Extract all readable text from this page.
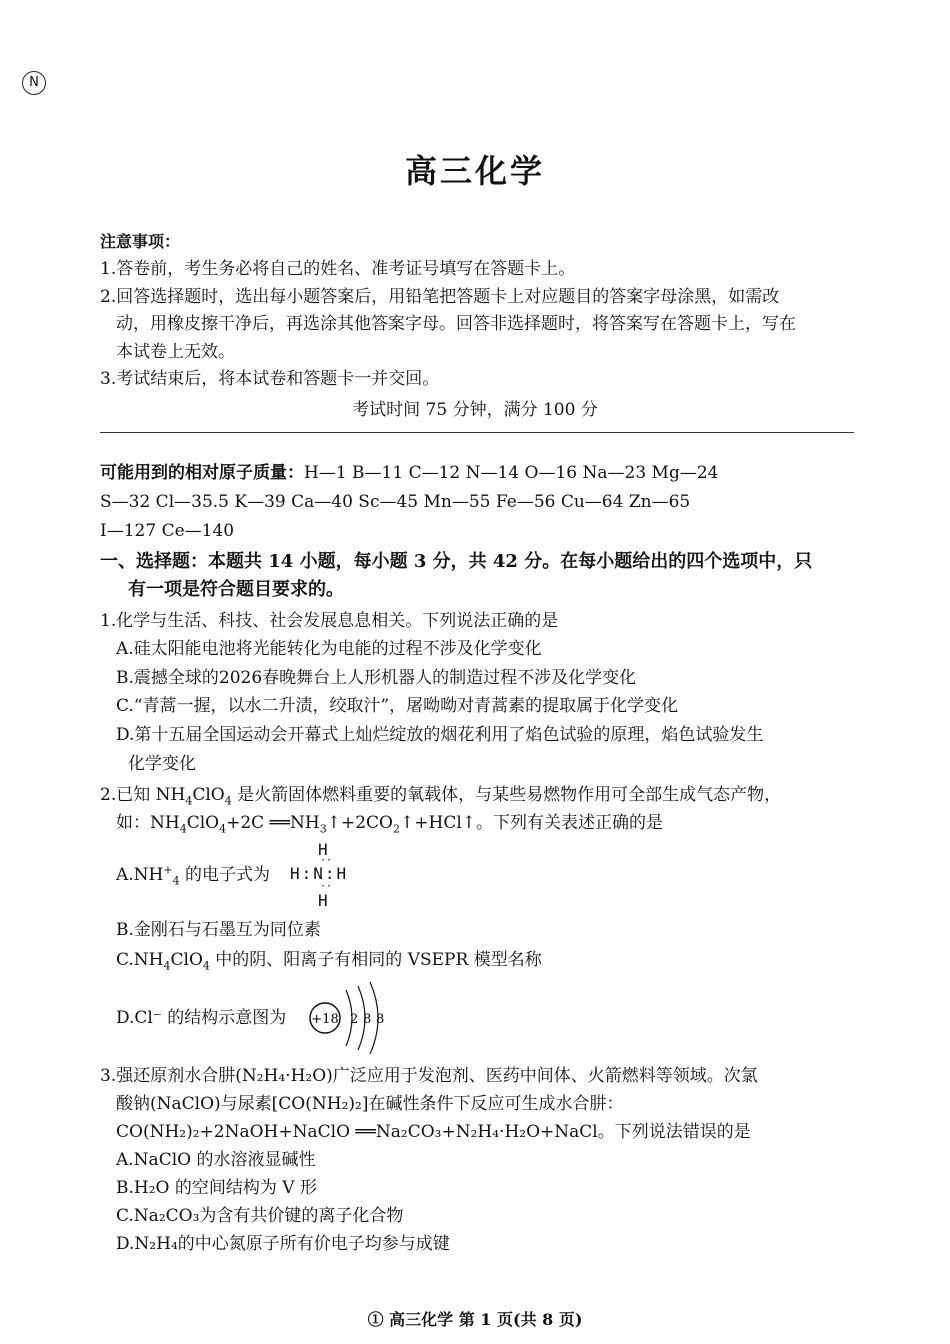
N
高三化学
注意事项：
1.答卷前，考生务必将自己的姓名、准考证号填写在答题卡上。
2.回答选择题时，选出每小题答案后，用铅笔把答题卡上对应题目的答案字母涂黑，如需改
动，用橡皮擦干净后，再选涂其他答案字母。回答非选择题时，将答案写在答题卡上，写在
本试卷上无效。
3.考试结束后，将本试卷和答题卡一并交回。
考试时间 75 分钟，满分 100 分
可能用到的相对原子质量：H—1 B—11 C—12 N—14 O—16 Na—23 Mg—24
S—32 Cl—35.5 K—39 Ca—40 Sc—45 Mn—55 Fe—56 Cu—64 Zn—65
I—127 Ce—140
一、选择题：本题共 14 小题，每小题 3 分，共 42 分。在每小题给出的四个选项中，只
有一项是符合题目要求的。
1.化学与生活、科技、社会发展息息相关。下列说法正确的是
A.硅太阳能电池将光能转化为电能的过程不涉及化学变化
B.震撼全球的2026春晚舞台上人形机器人的制造过程不涉及化学变化
C.“青蒿一握，以水二升渍，绞取汁”，屠呦呦对青蒿素的提取属于化学变化
D.第十五届全国运动会开幕式上灿烂绽放的烟花利用了焰色试验的原理，焰色试验发生
化学变化
2.已知 $NH_4ClO_4$ 是火箭固体燃料重要的氧载体，与某些易燃物作用可全部生成气态产物，
如：$NH_4ClO_4+2C$ $══NH_3↑+2CO_2↑+HCl↑$。下列有关表述正确的是
$A.NH^+_4$ 的电子式为
H
··
H:N:H
··
H
B.金刚石与石墨互为同位素
$C.NH_4ClO_4$ 中的阴、阳离子有相同的 VSEPR 模型名称
D.Cl⁻ 的结构示意图为 +18 2 8 8
3.强还原剂水合肼(N₂H₄·H₂O)广泛应用于发泡剂、医药中间体、火箭燃料等领域。次氯
酸钠(NaClO)与尿素[CO(NH₂)₂]在碱性条件下反应可生成水合肼：
CO(NH₂)₂+2NaOH+NaClO ══Na₂CO₃+N₂H₄·H₂O+NaCl。下列说法错误的是
A.NaClO 的水溶液显碱性
B.H₂O 的空间结构为 V 形
C.Na₂CO₃为含有共价键的离子化合物
D.N₂H₄的中心氮原子所有价电子均参与成键
① 高三化学 第 1 页(共 8 页)
